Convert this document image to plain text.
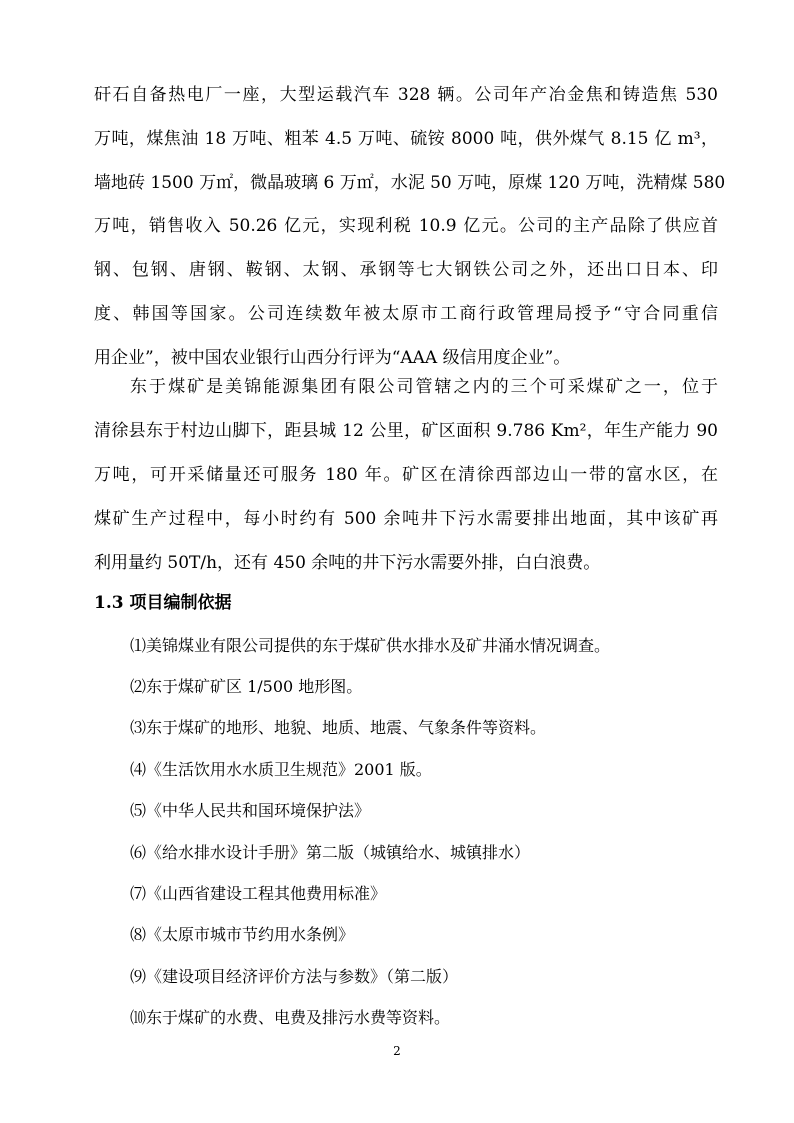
矸石自备热电厂一座，大型运载汽车 328 辆。公司年产冶金焦和铸造焦 530
万吨，煤焦油 18 万吨、粗苯 4.5 万吨、硫铵 8000 吨，供外煤气 8.15 亿 m³，
墙地砖 1500 万㎡，微晶玻璃 6 万㎡，水泥 50 万吨，原煤 120 万吨，洗精煤 580
万吨，销售收入 50.26 亿元，实现利税 10.9 亿元。公司的主产品除了供应首
钢、包钢、唐钢、鞍钢、太钢、承钢等七大钢铁公司之外，还出口日本、印
度、韩国等国家。公司连续数年被太原市工商行政管理局授予“守合同重信
用企业”，被中国农业银行山西分行评为“AAA 级信用度企业”。
东于煤矿是美锦能源集团有限公司管辖之内的三个可采煤矿之一，位于
清徐县东于村边山脚下，距县城 12 公里，矿区面积 9.786 Km²，年生产能力 90
万吨，可开采储量还可服务 180 年。矿区在清徐西部边山一带的富水区，在
煤矿生产过程中，每小时约有 500 余吨井下污水需要排出地面，其中该矿再
利用量约 50T/h，还有 450 余吨的井下污水需要外排，白白浪费。
1.3 项目编制依据
⑴美锦煤业有限公司提供的东于煤矿供水排水及矿井涌水情况调查。
⑵东于煤矿矿区 1/500 地形图。
⑶东于煤矿的地形、地貌、地质、地震、气象条件等资料。
⑷《生活饮用水水质卫生规范》2001 版。
⑸《中华人民共和国环境保护法》
⑹《给水排水设计手册》第二版（城镇给水、城镇排水）
⑺《山西省建设工程其他费用标准》
⑻《太原市城市节约用水条例》
⑼《建设项目经济评价方法与参数》（第二版）
⑽东于煤矿的水费、电费及排污水费等资料。
2
